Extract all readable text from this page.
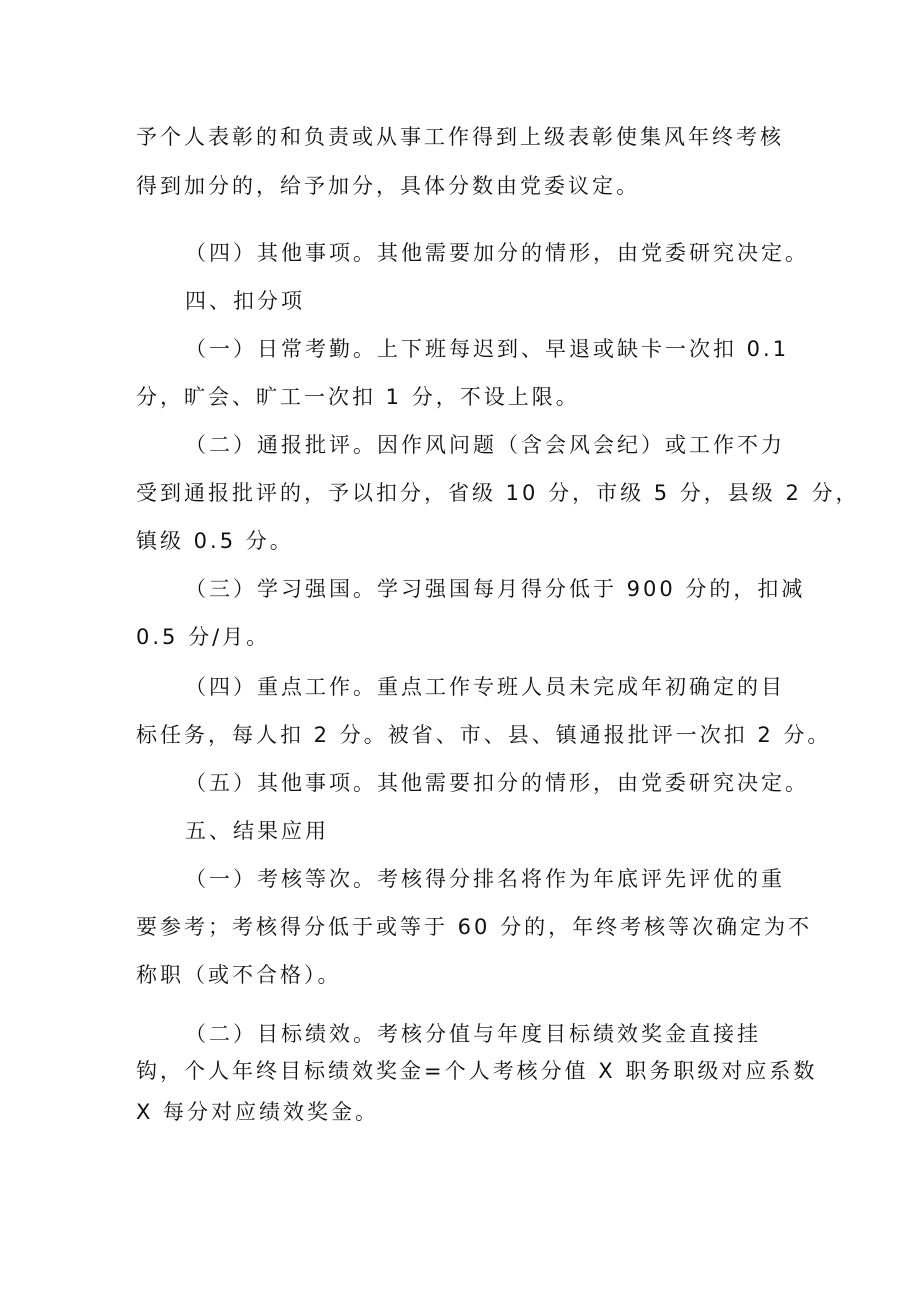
予个人表彰的和负责或从事工作得到上级表彰使集风年终考核
得到加分的，给予加分，具体分数由党委议定。
（四）其他事项。其他需要加分的情形，由党委研究决定。
四、扣分项
（一）日常考勤。上下班每迟到、早退或缺卡一次扣 0.1
分，旷会、旷工一次扣 1 分，不设上限。
（二）通报批评。因作风问题（含会风会纪）或工作不力
受到通报批评的，予以扣分，省级 10 分，市级 5 分，县级 2 分，
镇级 0.5 分。
（三）学习强国。学习强国每月得分低于 900 分的，扣减
0.5 分/月。
（四）重点工作。重点工作专班人员未完成年初确定的目
标任务，每人扣 2 分。被省、市、县、镇通报批评一次扣 2 分。
（五）其他事项。其他需要扣分的情形，由党委研究决定。
五、结果应用
（一）考核等次。考核得分排名将作为年底评先评优的重
要参考；考核得分低于或等于 60 分的，年终考核等次确定为不
称职（或不合格）。
（二）目标绩效。考核分值与年度目标绩效奖金直接挂
钩，个人年终目标绩效奖金=个人考核分值 X 职务职级对应系数
X 每分对应绩效奖金。
